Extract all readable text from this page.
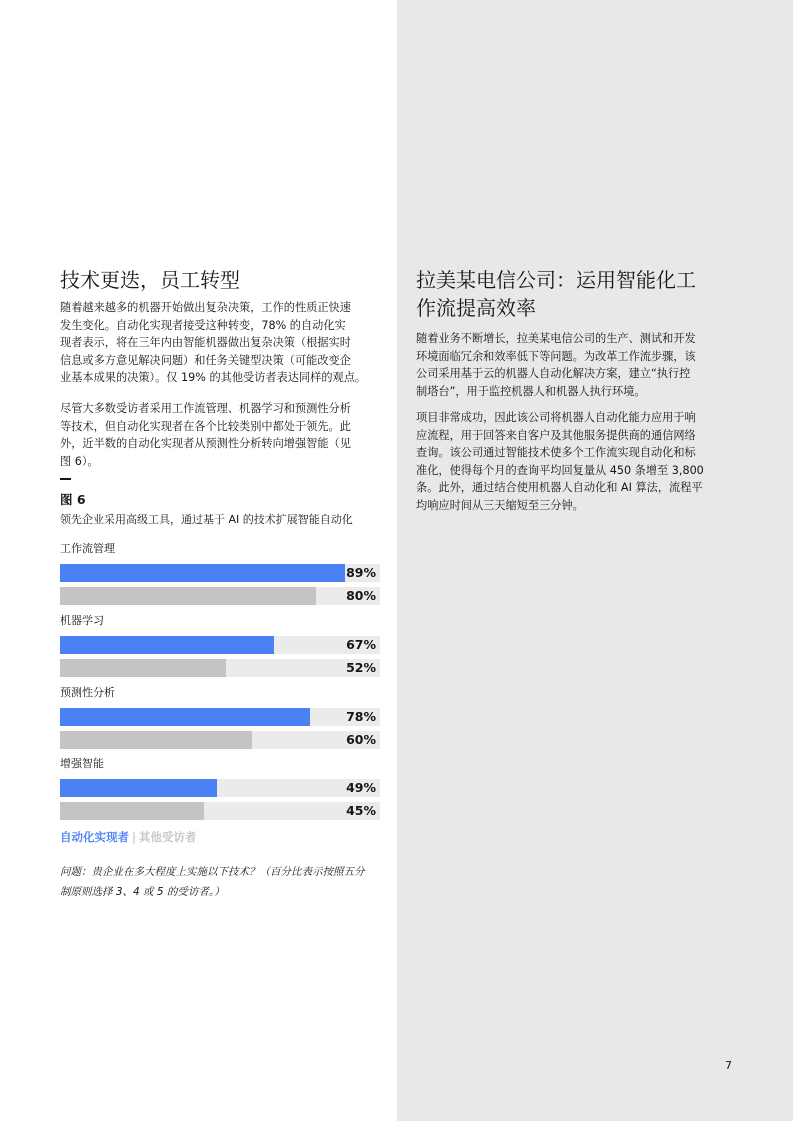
技术更迭，员工转型

随着越来越多的机器开始做出复杂决策，工作的性质正快速
发生变化。自动化实现者接受这种转变，78% 的自动化实
现者表示，将在三年内由智能机器做出复杂决策（根据实时
信息或多方意见解决问题）和任务关键型决策（可能改变企
业基本成果的决策）。仅 19% 的其他受访者表达同样的观点。

尽管大多数受访者采用工作流管理、机器学习和预测性分析
等技术，但自动化实现者在各个比较类别中都处于领先。此
外，近半数的自动化实现者从预测性分析转向增强智能（见
图 6）。

图 6

领先企业采用高级工具，通过基于 AI 的技术扩展智能自动化

工作流管理
89%
80%
机器学习
67%
52%
预测性分析
78%
60%
增强智能
49%
45%
自动化实现者 | 其他受访者

问题：贵企业在多大程度上实施以下技术？（百分比表示按照五分
制原则选择 3、4 或 5 的受访者。）

拉美某电信公司：运用智能化工
作流提高效率

随着业务不断增长，拉美某电信公司的生产、测试和开发
环境面临冗余和效率低下等问题。为改革工作流步骤，该
公司采用基于云的机器人自动化解决方案，建立“执行控
制塔台”，用于监控机器人和机器人执行环境。

项目非常成功，因此该公司将机器人自动化能力应用于响
应流程，用于回答来自客户及其他服务提供商的通信网络
查询。该公司通过智能技术使多个工作流实现自动化和标
准化，使得每个月的查询平均回复量从 450 条增至 3,800
条。此外，通过结合使用机器人自动化和 AI 算法，流程平
均响应时间从三天缩短至三分钟。

7
